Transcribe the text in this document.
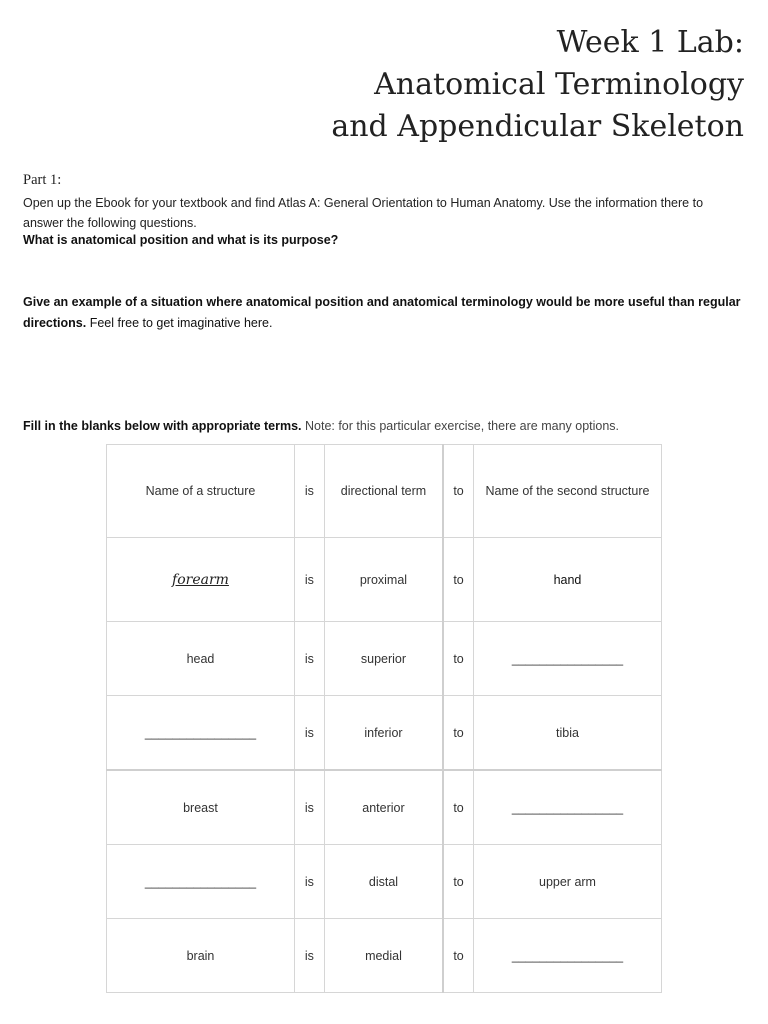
Week 1 Lab:
Anatomical Terminology
and Appendicular Skeleton
Part 1:
Open up the Ebook for your textbook and find Atlas A: General Orientation to Human Anatomy. Use the information there to answer the following questions.
What is anatomical position and what is its purpose?
Give an example of a situation where anatomical position and anatomical terminology would be more useful than regular directions. Feel free to get imaginative here.
Fill in the blanks below with appropriate terms. Note: for this particular exercise, there are many options.
Name of a structure	is	directional term	to	Name of the second structure
forearm	is	proximal	to	hand
head	is	superior	to	________________
________________	is	inferior	to	tibia
breast	is	anterior	to	________________
________________	is	distal	to	upper arm
brain	is	medial	to	________________
